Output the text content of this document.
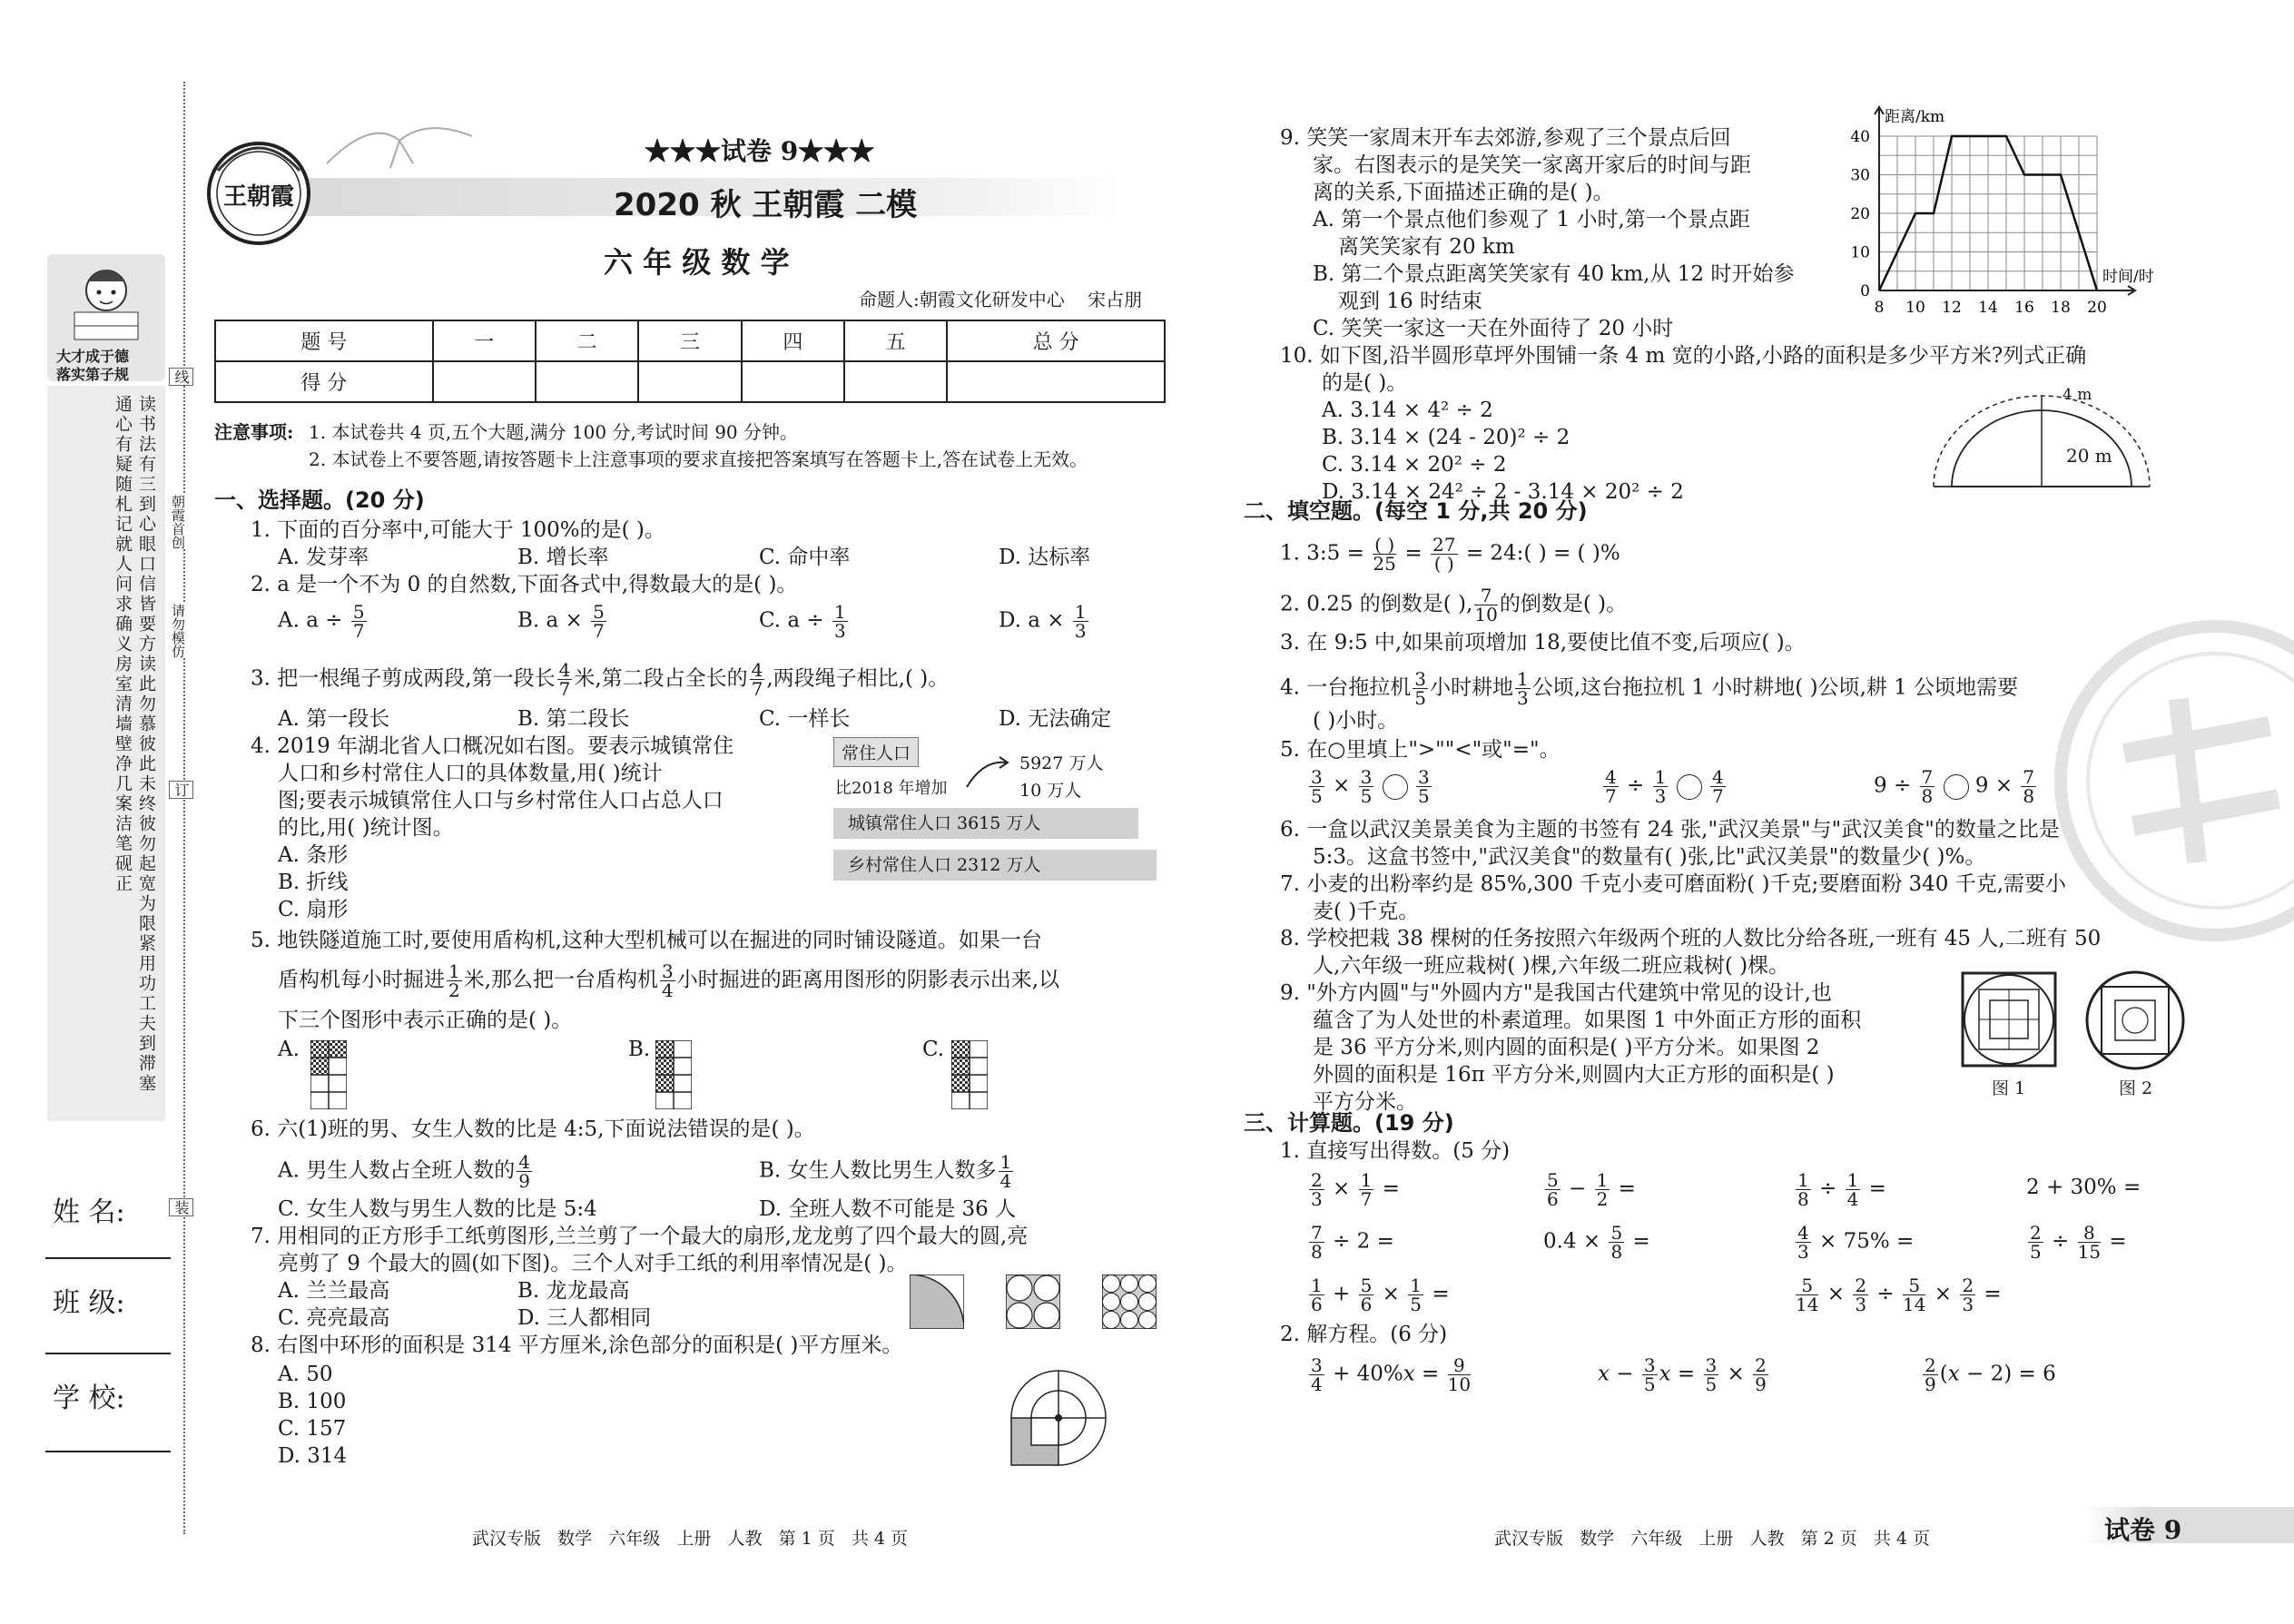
大才成于德
落实第子规
读书法有三到心眼口信皆要方读此勿慕彼此未终彼勿起宽为限紧用功工夫到滞塞通心有疑随札记就人问求确义房室清墙壁净几案洁笔砚正
线
朝霞首创
请勿模仿
订
装
姓 名:
班 级:
学 校:
王朝霞
★★★试卷 9★★★
2020 秋 王朝霞 二模
六 年 级 数 学
命题人:朝霞文化研发中心    宋占朋
题 号	一	二	三	四	五	总 分
得 分						
注意事项: 1. 本试卷共 4 页,五个大题,满分 100 分,考试时间 90 分钟。
2. 本试卷上不要答题,请按答题卡上注意事项的要求直接把答案填写在答题卡上,答在试卷上无效。
一、选择题。(20 分)
1. 下面的百分率中,可能大于 100%的是( )。
A. 发芽率	B. 增长率	C. 命中率	D. 达标率
2. a 是一个不为 0 的自然数,下面各式中,得数最大的是( )。
A. $a \div \frac{5}{7}$	B. $a \times \frac{5}{7}$	C. $a \div \frac{1}{3}$	D. $a \times \frac{1}{3}$
3. 把一根绳子剪成两段,第一段长 $\frac{4}{7}$ 米,第二段占全长的 $\frac{4}{7}$ ,两段绳子相比,( )。
A. 第一段长	B. 第二段长	C. 一样长	D. 无法确定
4. 2019 年湖北省人口概况如右图。要表示城镇常住
人口和乡村常住人口的具体数量,用( )统计
图;要表示城镇常住人口与乡村常住人口占总人口
的比,用( )统计图。
A. 条形
B. 折线
C. 扇形
常住人口
比2018 年增加
5927 万人
10 万人
城镇常住人口 3615 万人
乡村常住人口 2312 万人
5. 地铁隧道施工时,要使用盾构机,这种大型机械可以在掘进的同时铺设隧道。如果一台
盾构机每小时掘进 $\frac{1}{2}$ 米,那么把一台盾构机 $\frac{3}{4}$ 小时掘进的距离用图形的阴影表示出来,以
下三个图形中表示正确的是( )。
A.	B.	C.
6. 六(1)班的男、女生人数的比是 4:5,下面说法错误的是( )。
A. 男生人数占全班人数的 $\frac{4}{9}$	B. 女生人数比男生人数多 $\frac{1}{4}$
C. 女生人数与男生人数的比是 5:4	D. 全班人数不可能是 36 人
7. 用相同的正方形手工纸剪图形,兰兰剪了一个最大的扇形,龙龙剪了四个最大的圆,亮
亮剪了 9 个最大的圆(如下图)。三个人对手工纸的利用率情况是( )。
A. 兰兰最高	B. 龙龙最高
C. 亮亮最高	D. 三人都相同
8. 右图中环形的面积是 314 平方厘米,涂色部分的面积是( )平方厘米。
A. 50
B. 100
C. 157
D. 314
武汉专版   数学   六年级   上册   人教   第 1 页   共 4 页
9. 笑笑一家周末开车去郊游,参观了三个景点后回
家。右图表示的是笑笑一家离开家后的时间与距
离的关系,下面描述正确的是( )。
A. 第一个景点他们参观了 1 小时,第一个景点距
离笑笑家有 20 km
B. 第二个景点距离笑笑家有 40 km,从 12 时开始参
观到 16 时结束
C. 笑笑一家这一天在外面待了 20 小时
8 10 12 14 16 18 20
0
10
20
30
40
距离/km
时间/时
10. 如下图,沿半圆形草坪外围铺一条 4 m 宽的小路,小路的面积是多少平方米?列式正确
的是( )。
A. 3.14 × 4² ÷ 2
B. 3.14 × (24 - 20)² ÷ 2
C. 3.14 × 20² ÷ 2
D. 3.14 × 24² ÷ 2 - 3.14 × 20² ÷ 2
4 m
20 m
二、填空题。(每空 1 分,共 20 分)
1. 3:5 = $\frac{( )}{25} = \frac{27}{( )}$ = 24:( ) = ( )%
2. 0.25 的倒数是( ), $\frac{7}{10}$ 的倒数是( )。
3. 在 9:5 中,如果前项增加 18,要使比值不变,后项应( )。
4. 一台拖拉机 $\frac{3}{5}$ 小时耕地 $\frac{1}{3}$ 公顷,这台拖拉机 1 小时耕地( )公顷,耕 1 公顷地需要
( )小时。
5. 在○里填上">""<"或"="。
$\frac{3}{5} \times \frac{3}{5}$
$\frac{3}{5}$	$\frac{4}{7} \div \frac{1}{3}$
$\frac{4}{7}$	$9 \div \frac{7}{8} 9 \times \frac{7}{8}$
6. 一盒以武汉美景美食为主题的书签有 24 张,"武汉美景"与"武汉美食"的数量之比是
5:3。这盒书签中,"武汉美食"的数量有( )张,比"武汉美景"的数量少( )%。
7. 小麦的出粉率约是 85%,300 千克小麦可磨面粉( )千克;要磨面粉 340 千克,需要小
麦( )千克。
8. 学校把栽 38 棵树的任务按照六年级两个班的人数比分给各班,一班有 45 人,二班有 50
人,六年级一班应栽树( )棵,六年级二班应栽树( )棵。
9. "外方内圆"与"外圆内方"是我国古代建筑中常见的设计,也
蕴含了为人处世的朴素道理。如果图 1 中外面正方形的面积
是 36 平方分米,则内圆的面积是( )平方分米。如果图 2
外圆的面积是 16π 平方分米,则圆内大正方形的面积是( )
平方分米。
图 1	图 2
三、计算题。(19 分)
1. 直接写出得数。(5 分)
$\frac{2}{3} \times \frac{1}{7}$ =	$\frac{5}{6} - \frac{1}{2}$ =	$\frac{1}{8} \div \frac{1}{4}$ =	2 + 30% =
$\frac{7}{8} \div 2$ =	$0.4 \times \frac{5}{8}$ =	$\frac{4}{3} \times 75\%$ =	$\frac{2}{5} \div \frac{8}{15}$ =
$\frac{1}{6} + \frac{5}{6} \times \frac{1}{5}$ =	$\frac{5}{14} \times \frac{2}{3} \div \frac{5}{14} \times \frac{2}{3}$ =
2. 解方程。(6 分)
$\frac{3}{4} + 40\%x = \frac{9}{10}$	$x - \frac{3}{5}$ $x = \frac{3}{5} \times \frac{2}{9}$	$\frac{2}{9} (x - 2) = 6$
武汉专版   数学   六年级   上册   人教   第 2 页   共 4 页	试卷 9
